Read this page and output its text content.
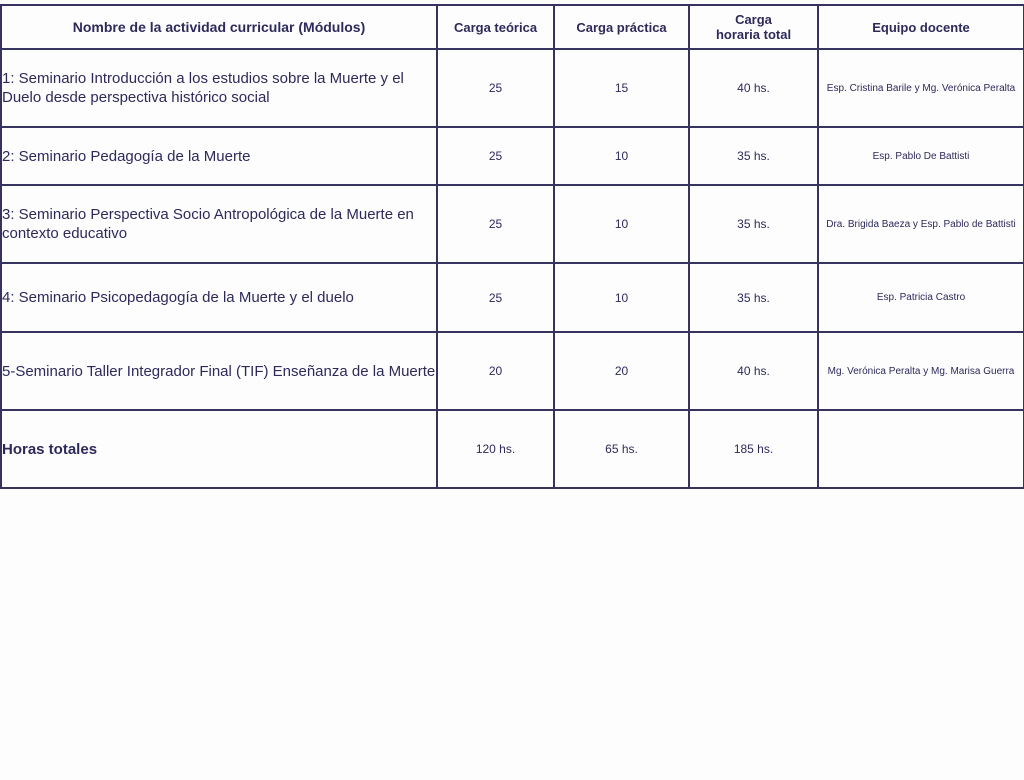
Nombre de la actividad curricular (Módulos)	Carga teórica	Carga práctica	Carga horaria total	Equipo docente

1: Seminario Introducción a los estudios sobre la Muerte y el Duelo desde perspectiva histórico social	25	15	40 hs.	Esp. Cristina Barile y Mg. Verónica Peralta
2: Seminario Pedagogía de la Muerte	25	10	35 hs.	Esp. Pablo De Battisti
3: Seminario Perspectiva Socio Antropológica de la Muerte en contexto educativo	25	10	35 hs.	Dra. Brigida Baeza y Esp. Pablo de Battisti
4: Seminario Psicopedagogía de la Muerte y el duelo	25	10	35 hs.	Esp. Patricia Castro
5-Seminario Taller Integrador Final (TIF) Enseñanza de la Muerte	20	20	40 hs.	Mg. Verónica Peralta y Mg. Marisa Guerra
Horas totales	120 hs.	65 hs.	185 hs.	
